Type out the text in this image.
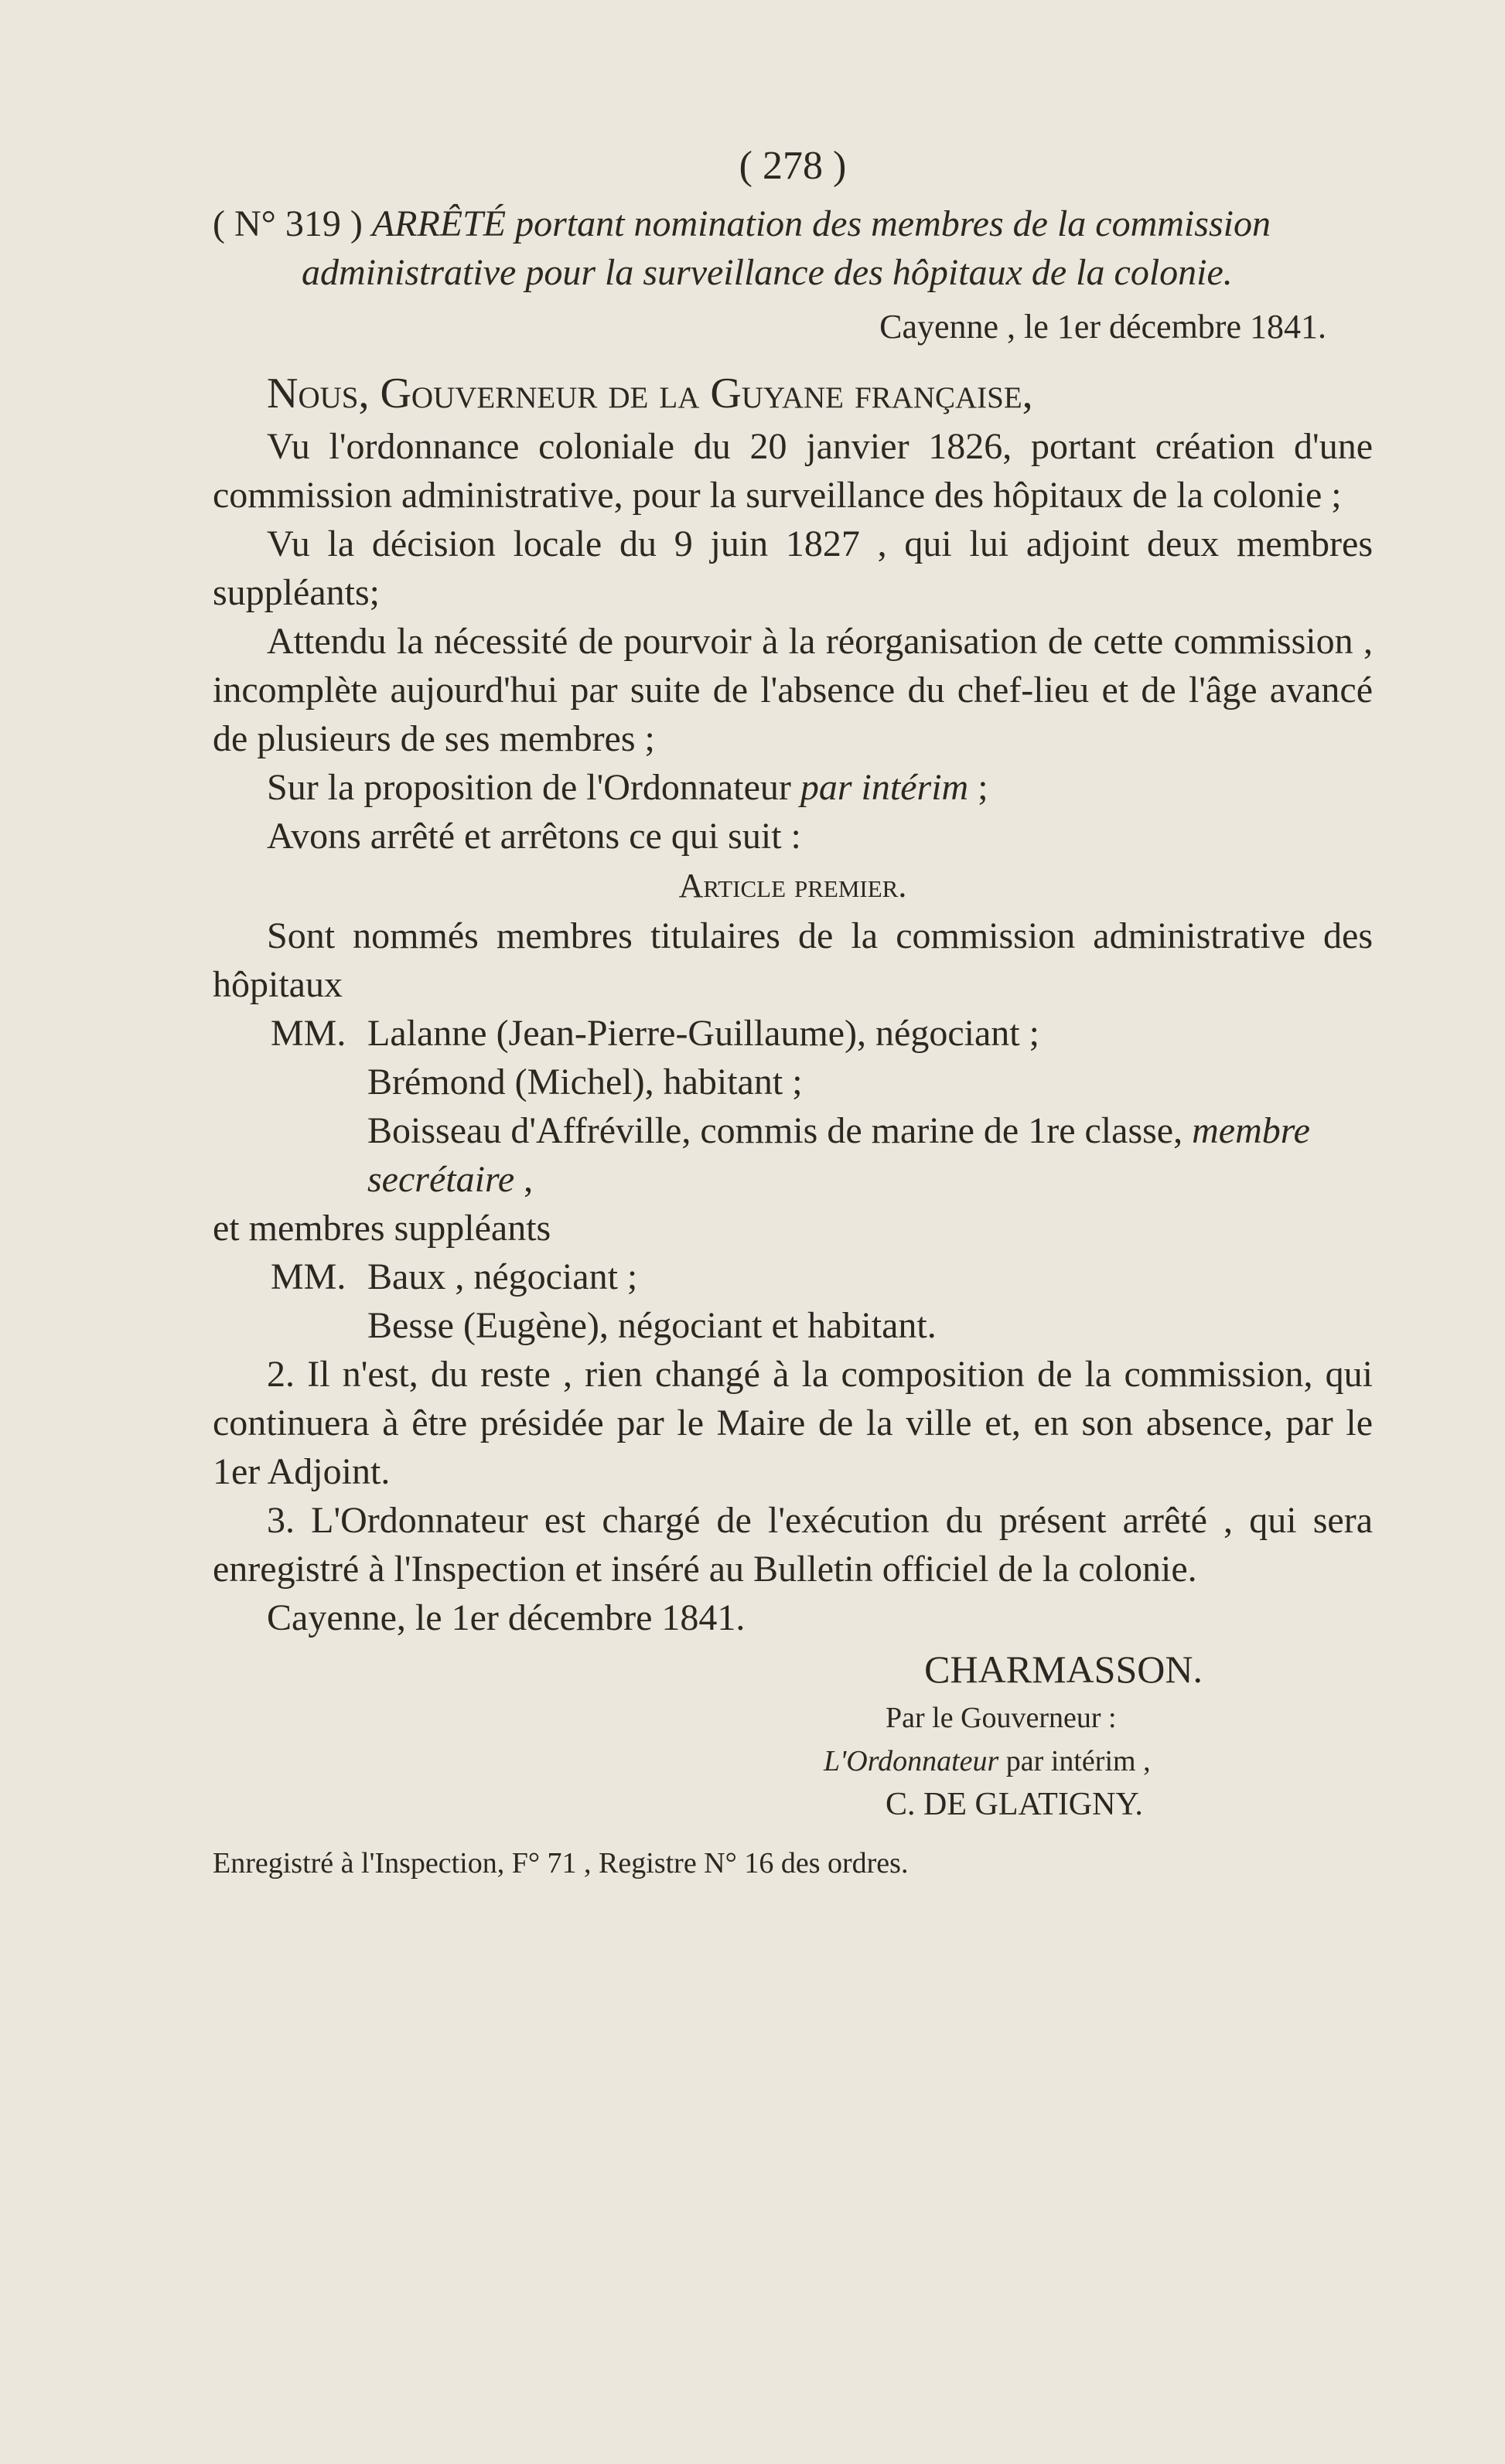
( 278 )

( N° 319 ) ARRÊTÉ portant nomination des membres de la commission administrative pour la surveillance des hôpitaux de la colonie.

Cayenne , le 1er décembre 1841.

Nous, Gouverneur de la Guyane française,

Vu l'ordonnance coloniale du 20 janvier 1826, portant création d'une commission administrative, pour la surveillance des hôpitaux de la colonie ;

Vu la décision locale du 9 juin 1827 , qui lui adjoint deux membres suppléants;

Attendu la nécessité de pourvoir à la réorganisation de cette commission , incomplète aujourd'hui par suite de l'absence du chef-lieu et de l'âge avancé de plusieurs de ses membres ;

Sur la proposition de l'Ordonnateur par intérim ;

Avons arrêté et arrêtons ce qui suit :

Article premier.

Sont nommés membres titulaires de la commission administrative des hôpitaux

MM. Lalanne (Jean-Pierre-Guillaume), négociant ;
Brémond (Michel), habitant ;
Boisseau d'Affréville, commis de marine de 1re classe, membre secrétaire ,

et membres suppléants

MM. Baux , négociant ;
Besse (Eugène), négociant et habitant.

2. Il n'est, du reste , rien changé à la composition de la commission, qui continuera à être présidée par le Maire de la ville et, en son absence, par le 1er Adjoint.

3. L'Ordonnateur est chargé de l'exécution du présent arrêté , qui sera enregistré à l'Inspection et inséré au Bulletin officiel de la colonie.

Cayenne, le 1er décembre 1841.

CHARMASSON.

Par le Gouverneur :

L'Ordonnateur par intérim ,

C. DE GLATIGNY.

Enregistré à l'Inspection, F° 71 , Registre N° 16 des ordres.
